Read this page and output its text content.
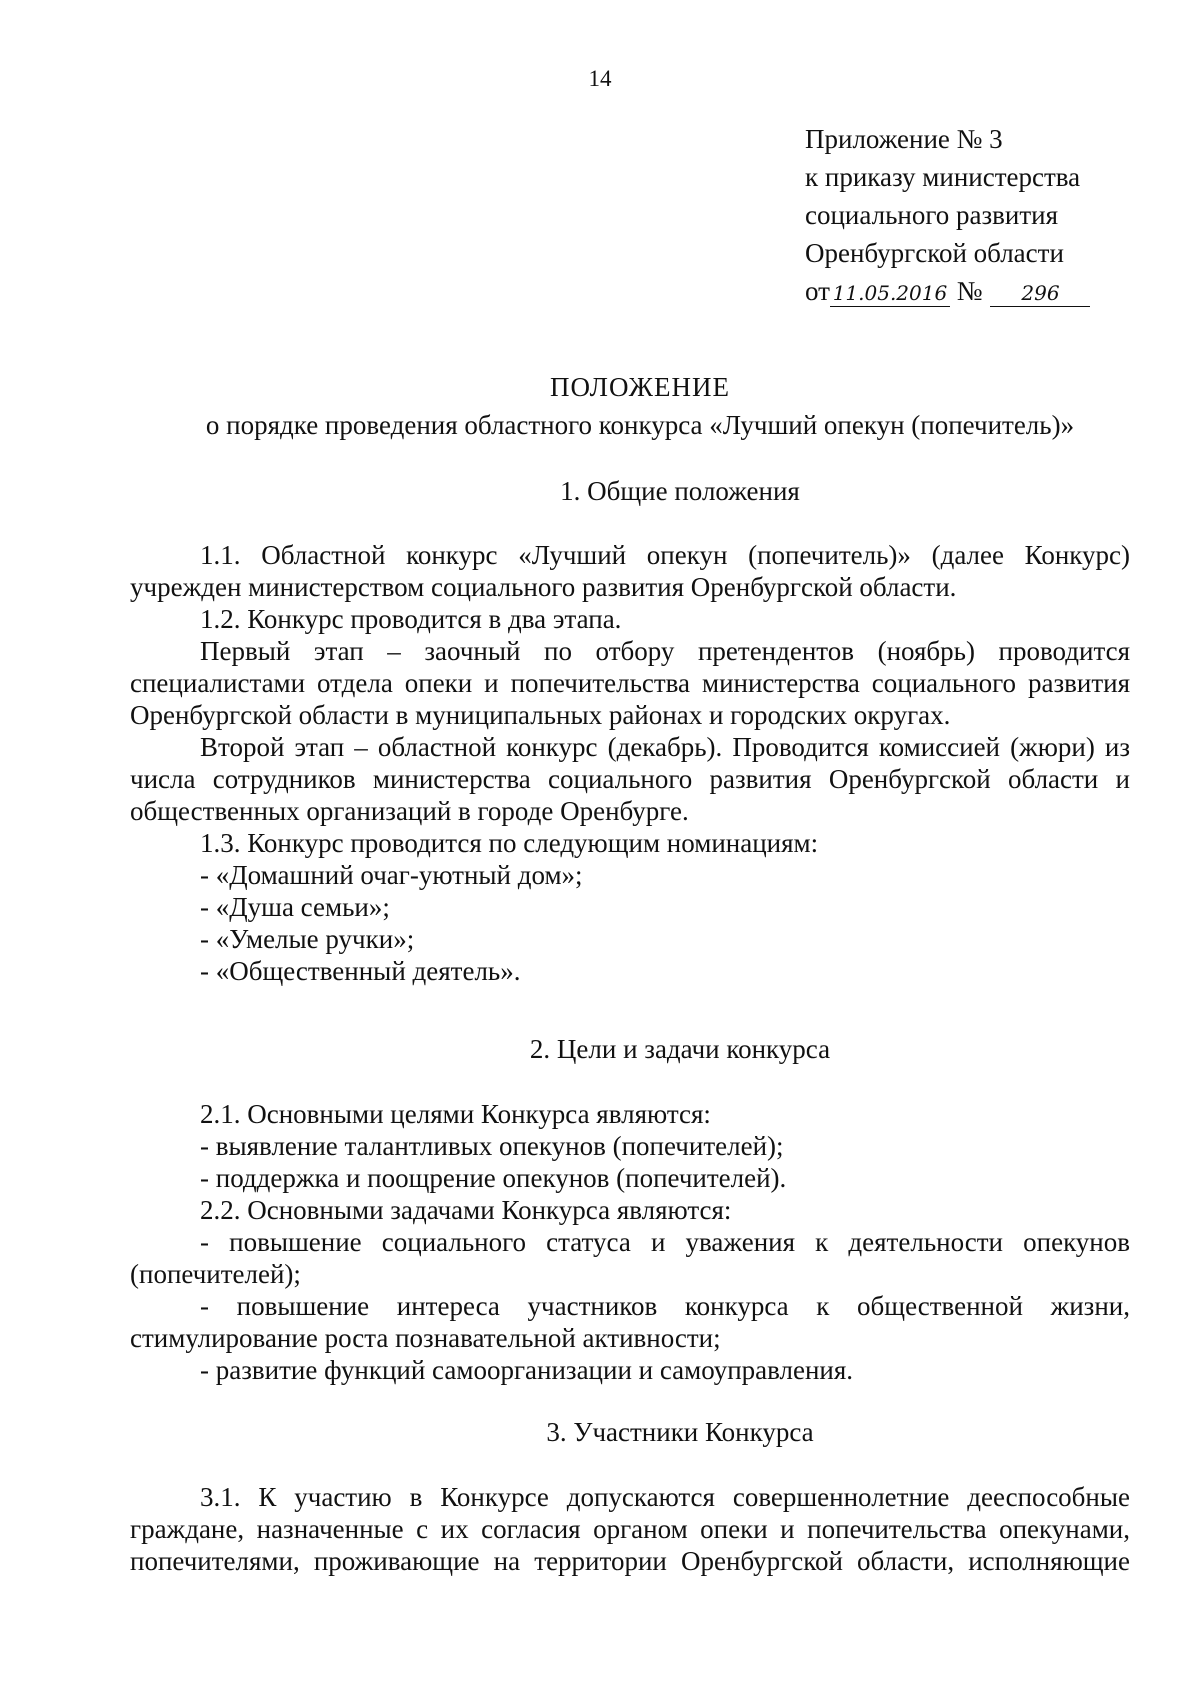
14
Приложение № 3
к приказу министерства
социального развития
Оренбургской области
от 11.05.2016 № 296
ПОЛОЖЕНИЕ
о порядке проведения областного конкурса «Лучший опекун (попечитель)»
1. Общие положения

1.1. Областной конкурс «Лучший опекун (попечитель)» (далее Конкурс) учрежден министерством социального развития Оренбургской области.

1.2. Конкурс проводится в два этапа.

Первый этап – заочный по отбору претендентов (ноябрь) проводится специалистами отдела опеки и попечительства министерства социального развития Оренбургской области в муниципальных районах и городских округах.

Второй этап – областной конкурс (декабрь). Проводится комиссией (жюри) из числа сотрудников министерства социального развития Оренбургской области и общественных организаций в городе Оренбурге.

1.3. Конкурс проводится по следующим номинациям:

- «Домашний очаг-уютный дом»;

- «Душа семьи»;

- «Умелые ручки»;

- «Общественный деятель».

2. Цели и задачи конкурса

2.1. Основными целями Конкурса являются:

- выявление талантливых опекунов (попечителей);

- поддержка и поощрение опекунов (попечителей).

2.2. Основными задачами Конкурса являются:

- повышение социального статуса и уважения к деятельности опекунов (попечителей);

- повышение интереса участников конкурса к общественной жизни, стимулирование роста познавательной активности;

- развитие функций самоорганизации и самоуправления.

3. Участники Конкурса

3.1. К участию в Конкурсе допускаются совершеннолетние дееспособные

граждане, назначенные с их согласия органом опеки и попечительства опекунами,

попечителями, проживающие на территории Оренбургской области, исполняющие
